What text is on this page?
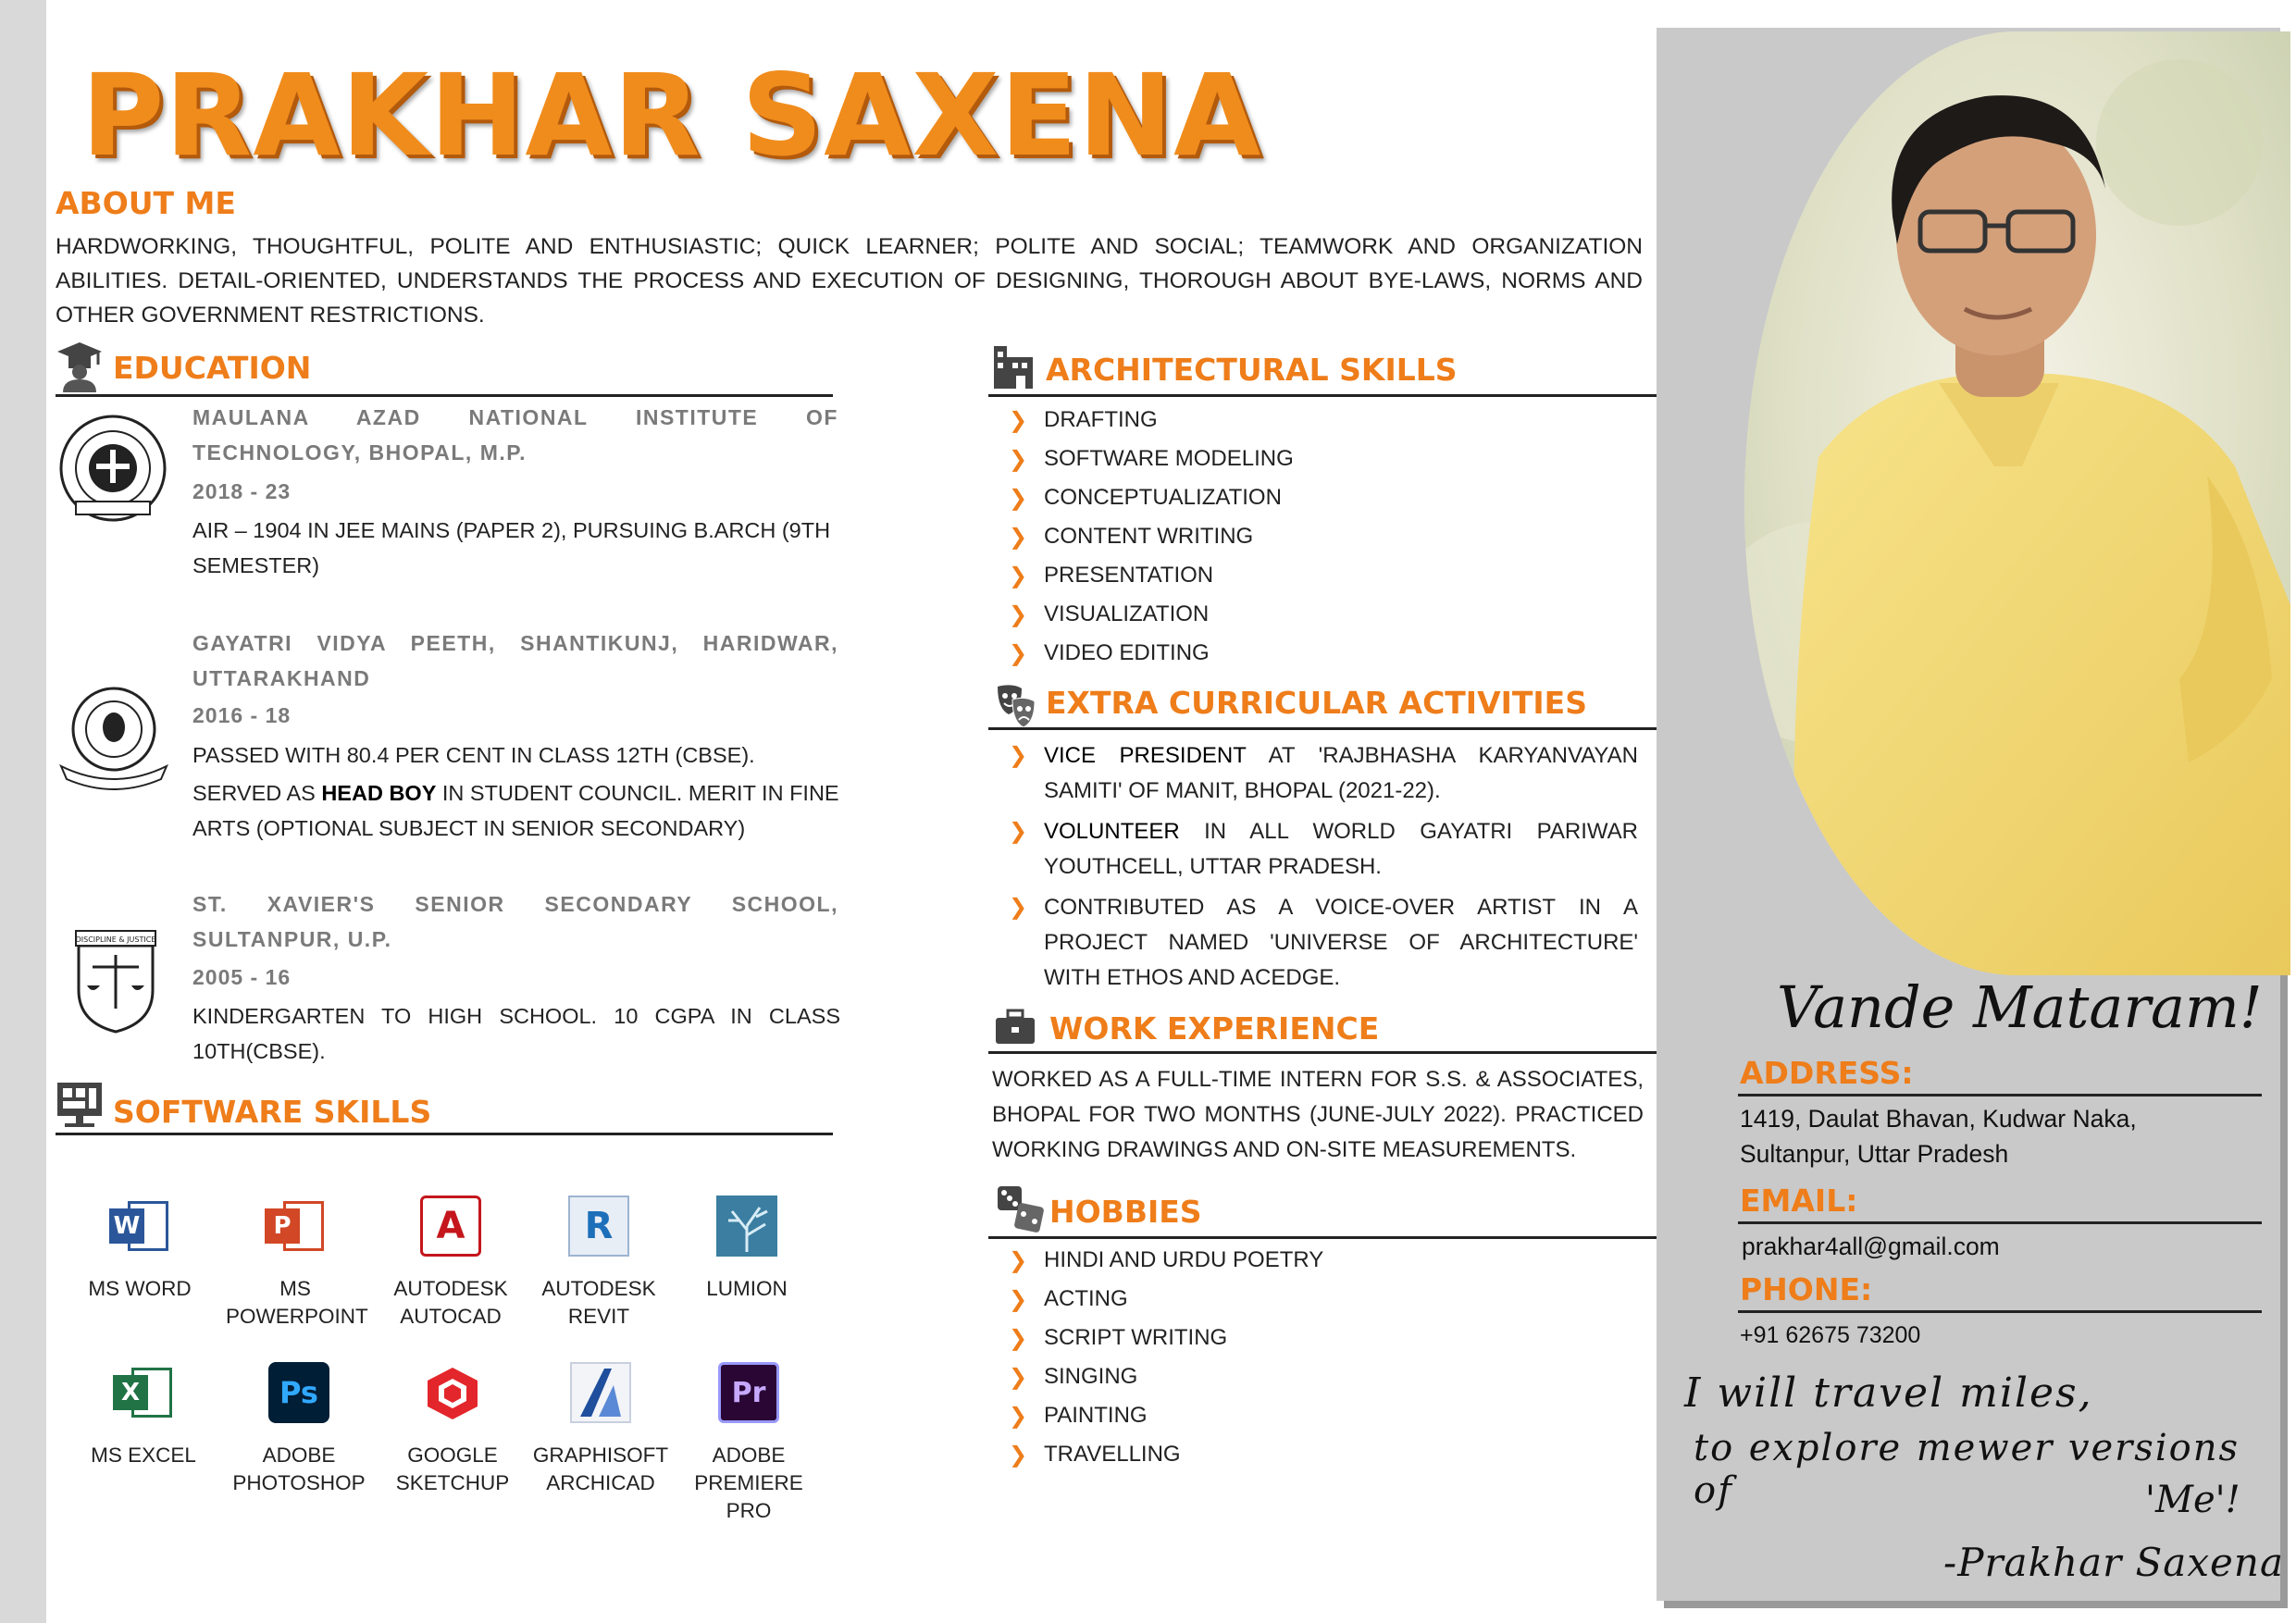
PRAKHAR SAXENA
ABOUT ME
HARDWORKING, THOUGHTFUL, POLITE AND ENTHUSIASTIC; QUICK LEARNER; POLITE AND SOCIAL; TEAMWORK AND ORGANIZATION ABILITIES. DETAIL-ORIENTED, UNDERSTANDS THE PROCESS AND EXECUTION OF DESIGNING, THOROUGH ABOUT BYE-LAWS, NORMS AND OTHER GOVERNMENT RESTRICTIONS.
EDUCATION
MAULANA AZAD NATIONAL INSTITUTE OF TECHNOLOGY, BHOPAL, M.P.
2018 - 23
AIR – 1904 IN JEE MAINS (PAPER 2), PURSUING B.ARCH (9TH SEMESTER)
GAYATRI VIDYA PEETH, SHANTIKUNJ, HARIDWAR, UTTARAKHAND
2016 - 18
PASSED WITH 80.4 PER CENT IN CLASS 12TH (CBSE).
SERVED AS HEAD BOY IN STUDENT COUNCIL. MERIT IN FINE ARTS (OPTIONAL SUBJECT IN SENIOR SECONDARY)
DISCIPLINE & JUSTICE
ST. XAVIER'S SENIOR SECONDARY SCHOOL, SULTANPUR, U.P.
2005 - 16
KINDERGARTEN TO HIGH SCHOOL. 10 CGPA IN CLASS 10TH(CBSE).
SOFTWARE SKILLS
W
MS WORD
P
MS POWERPOINT
A
AUTODESK AUTOCAD
R
AUTODESK REVIT
LUMION
X
MS EXCEL
Ps
ADOBE PHOTOSHOP
GOOGLE SKETCHUP
GRAPHISOFT ARCHICAD
Pr
ADOBE PREMIERE PRO
ARCHITECTURAL SKILLS
❯ DRAFTING
❯ SOFTWARE MODELING
❯ CONCEPTUALIZATION
❯ CONTENT WRITING
❯ PRESENTATION
❯ VISUALIZATION
❯ VIDEO EDITING
EXTRA CURRICULAR ACTIVITIES
❯ VICE PRESIDENT AT 'RAJBHASHA KARYANVAYAN SAMITI' OF MANIT, BHOPAL (2021-22).
❯ VOLUNTEER IN ALL WORLD GAYATRI PARIWAR YOUTHCELL, UTTAR PRADESH.
❯ CONTRIBUTED AS A VOICE-OVER ARTIST IN A PROJECT NAMED 'UNIVERSE OF ARCHITECTURE' WITH ETHOS AND ACEDGE.
WORK EXPERIENCE
WORKED AS A FULL-TIME INTERN FOR S.S. & ASSOCIATES, BHOPAL FOR TWO MONTHS (JUNE-JULY 2022). PRACTICED WORKING DRAWINGS AND ON-SITE MEASUREMENTS.
HOBBIES
❯ HINDI AND URDU POETRY
❯ ACTING
❯ SCRIPT WRITING
❯ SINGING
❯ PAINTING
❯ TRAVELLING
Vande Mataram!
ADDRESS:
1419, Daulat Bhavan, Kudwar Naka,
Sultanpur, Uttar Pradesh
EMAIL:
prakhar4all@gmail.com
PHONE:
+91 62675 73200
I will travel miles,
to explore mewer versions of	'Me'!
-Prakhar Saxena
